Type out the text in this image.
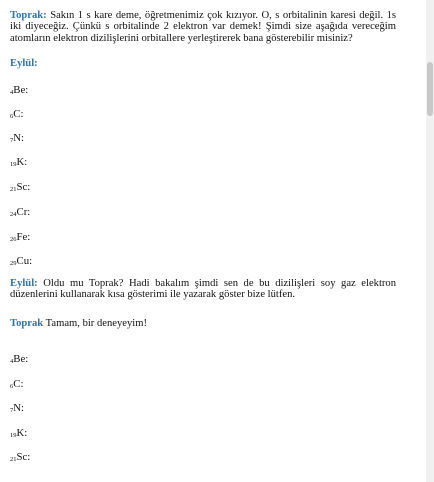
Toprak: Sakın 1 s kare deme, öğretmenimiz çok kızıyor. O, s orbitalinin karesi değil. 1s iki diyeceğiz. Çünkü s orbitalinde 2 elektron var demek! Şimdi size aşağıda vereceğim atomların elektron dizilişlerini orbitallere yerleştirerek bana gösterebilir misiniz?
Eylül:
$_4$Be:
$_6$C:
$_7$N:
$_{19}$K:
$_{21}$Sc:
$_{24}$Cr:
$_{26}$Fe:
$_{29}$Cu:
Eylül: Oldu mu Toprak? Hadi bakalım şimdi sen de bu dizilişleri soy gaz elektron düzenlerini kullanarak kısa gösterimi ile yazarak göster bize lütfen.
Toprak Tamam, bir deneyeyim!
$_4$Be:
$_6$C:
$_7$N:
$_{19}$K:
$_{21}$Sc:
